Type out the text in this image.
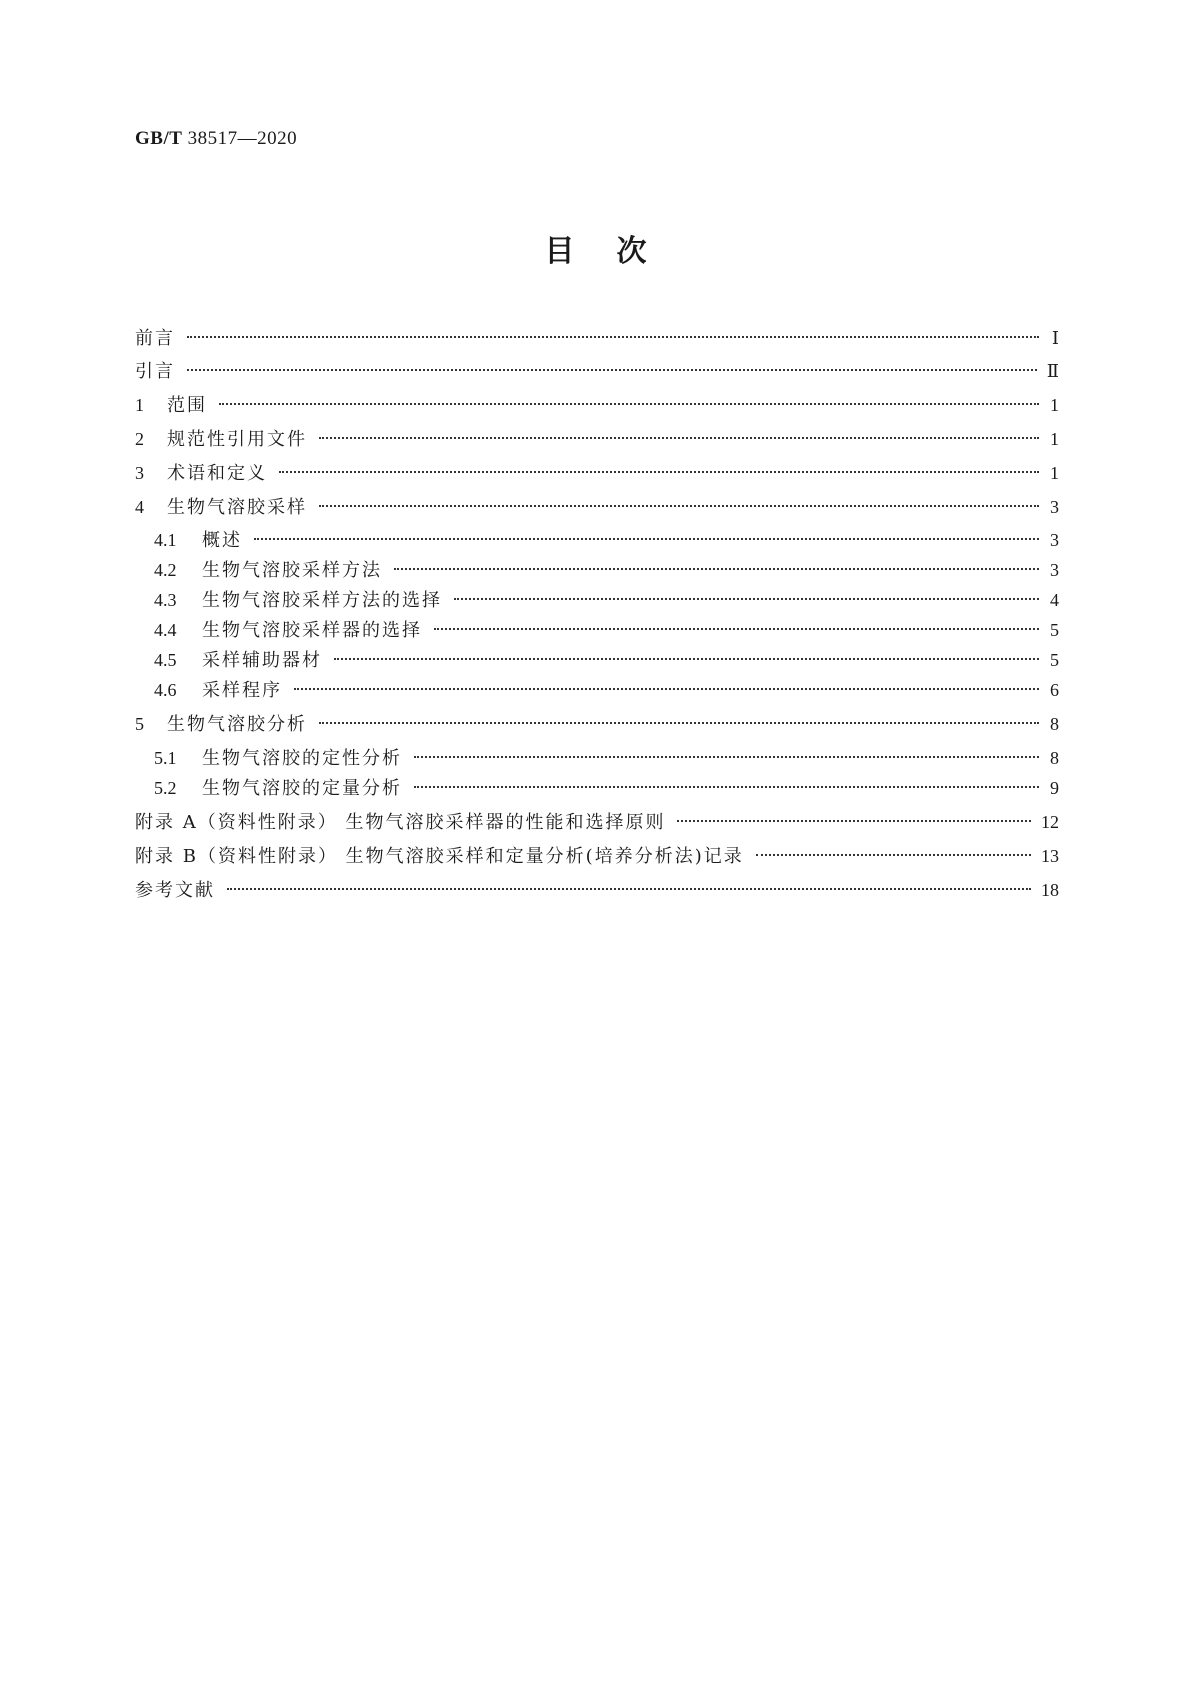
GB/T 38517—2020
目次
前言	Ⅰ
引言	Ⅱ
1	范围	1
2	规范性引用文件	1
3	术语和定义	1
4	生物气溶胶采样	3
4.1	概述	3
4.2	生物气溶胶采样方法	3
4.3	生物气溶胶采样方法的选择	4
4.4	生物气溶胶采样器的选择	5
4.5	采样辅助器材	5
4.6	采样程序	6
5	生物气溶胶分析	8
5.1	生物气溶胶的定性分析	8
5.2	生物气溶胶的定量分析	9
附录 A（资料性附录） 生物气溶胶采样器的性能和选择原则	12
附录 B（资料性附录） 生物气溶胶采样和定量分析(培养分析法)记录	13
参考文献	18
